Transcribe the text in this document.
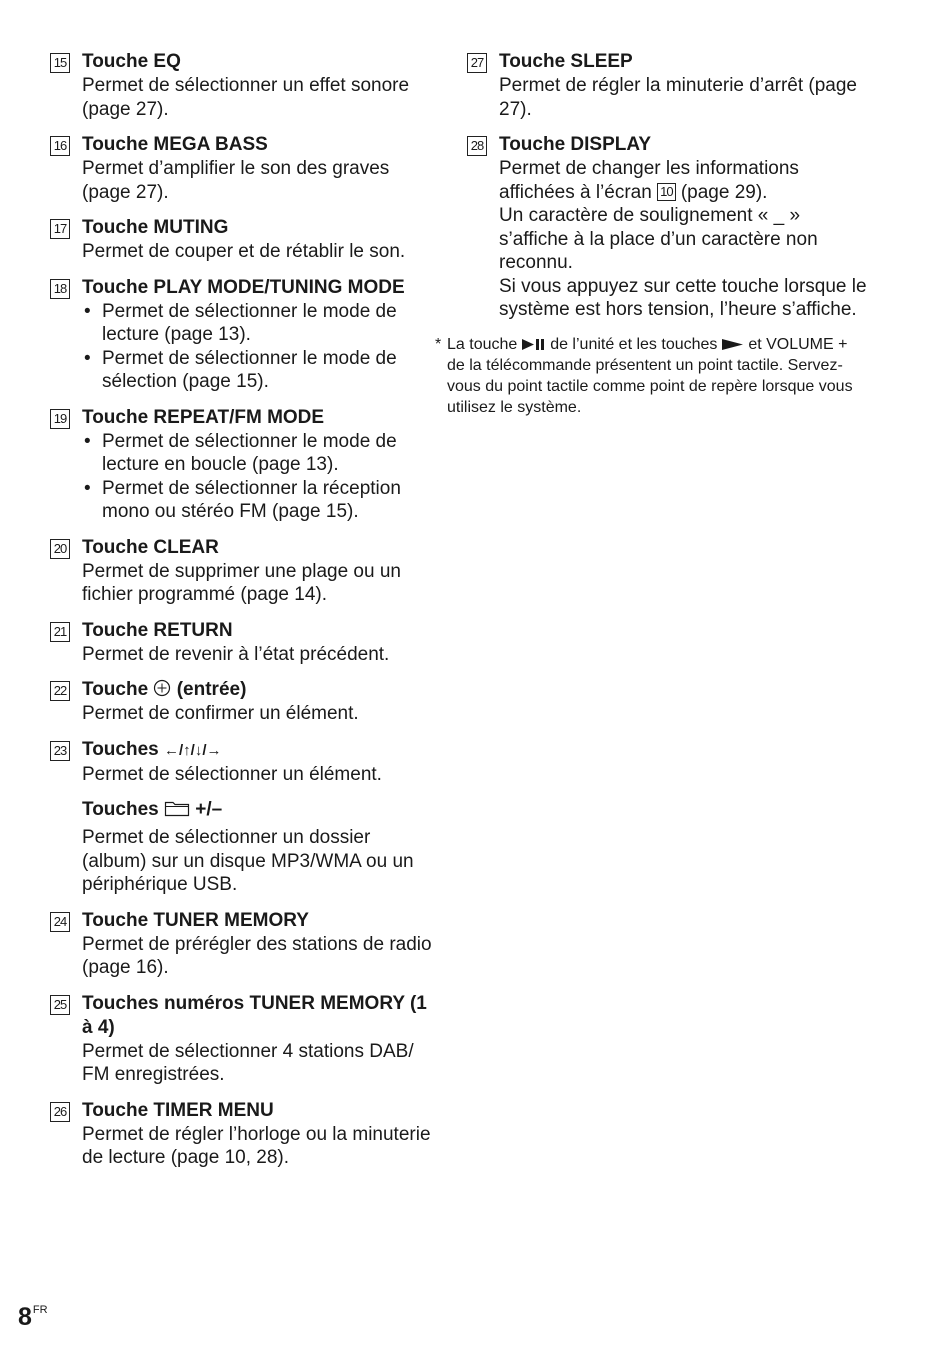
15 Touche EQ

Permet de sélectionner un effet sonore (page 27).

16 Touche MEGA BASS

Permet d’amplifier le son des graves (page 27).

17 Touche MUTING

Permet de couper et de rétablir le son.

18 Touche PLAY MODE/TUNING MODE

• Permet de sélectionner le mode de lecture (page 13).
• Permet de sélectionner le mode de sélection (page 15).
19 Touche REPEAT/FM MODE

• Permet de sélectionner le mode de lecture en boucle (page 13).
• Permet de sélectionner la réception mono ou stéréo FM (page 15).
20 Touche CLEAR

Permet de supprimer une plage ou un fichier programmé (page 14).

21 Touche RETURN

Permet de revenir à l’état précédent.

22 Touche (entrée)

Permet de confirmer un élément.

23 Touches ←/↑/↓/→

Permet de sélectionner un élément.

Touches +/–

Permet de sélectionner un dossier (album) sur un disque MP3/WMA ou un périphérique USB.

24 Touche TUNER MEMORY

Permet de prérégler des stations de radio (page 16).

25 Touches numéros TUNER MEMORY (1 à 4)

Permet de sélectionner 4 stations DAB/ FM enregistrées.

26 Touche TIMER MENU

Permet de régler l’horloge ou la minuterie de lecture (page 10, 28).

27 Touche SLEEP

Permet de régler la minuterie d’arrêt (page 27).

28 Touche DISPLAY

Permet de changer les informations affichées à l’écran 10 (page 29).

Un caractère de soulignement « _ » s’affiche à la place d’un caractère non reconnu.

Si vous appuyez sur cette touche lorsque le système est hors tension, l’heure s’affiche.

* La touche de l’unité et les touches et VOLUME + de la télécommande présentent un point tactile. Servez-vous du point tactile comme point de repère lorsque vous utilisez le système.
$8^{FR}$
